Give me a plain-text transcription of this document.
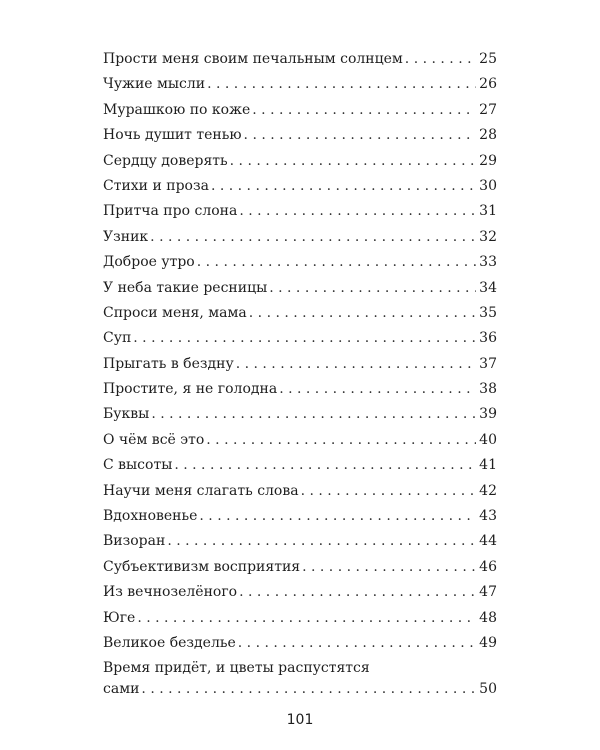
Прости меня своим печальным солнцем . . .	25
Чужие мысли . . .	26
Мурашкою по коже . . .	27
Ночь душит тенью . . .	28
Сердцу доверять . . .	29
Стихи и проза . . .	30
Притча про слона . . .	31
Узник . . .	32
Доброе утро . . .	33
У неба такие ресницы . . .	34
Спроси меня, мама . . .	35
Суп . . .	36
Прыгать в бездну . . .	37
Простите, я не голодна . . .	38
Буквы . . .	39
О чём всё это . . .	40
С высоты . . .	41
Научи меня слагать слова . . .	42
Вдохновенье . . .	43
Визоран . . .	44
Субъективизм восприятия . . .	46
Из вечнозелёного . . .	47
Юге . . .	48
Великое безделье . . .	49
Время придёт, и цветы распустятся
сами . . .	50
101
